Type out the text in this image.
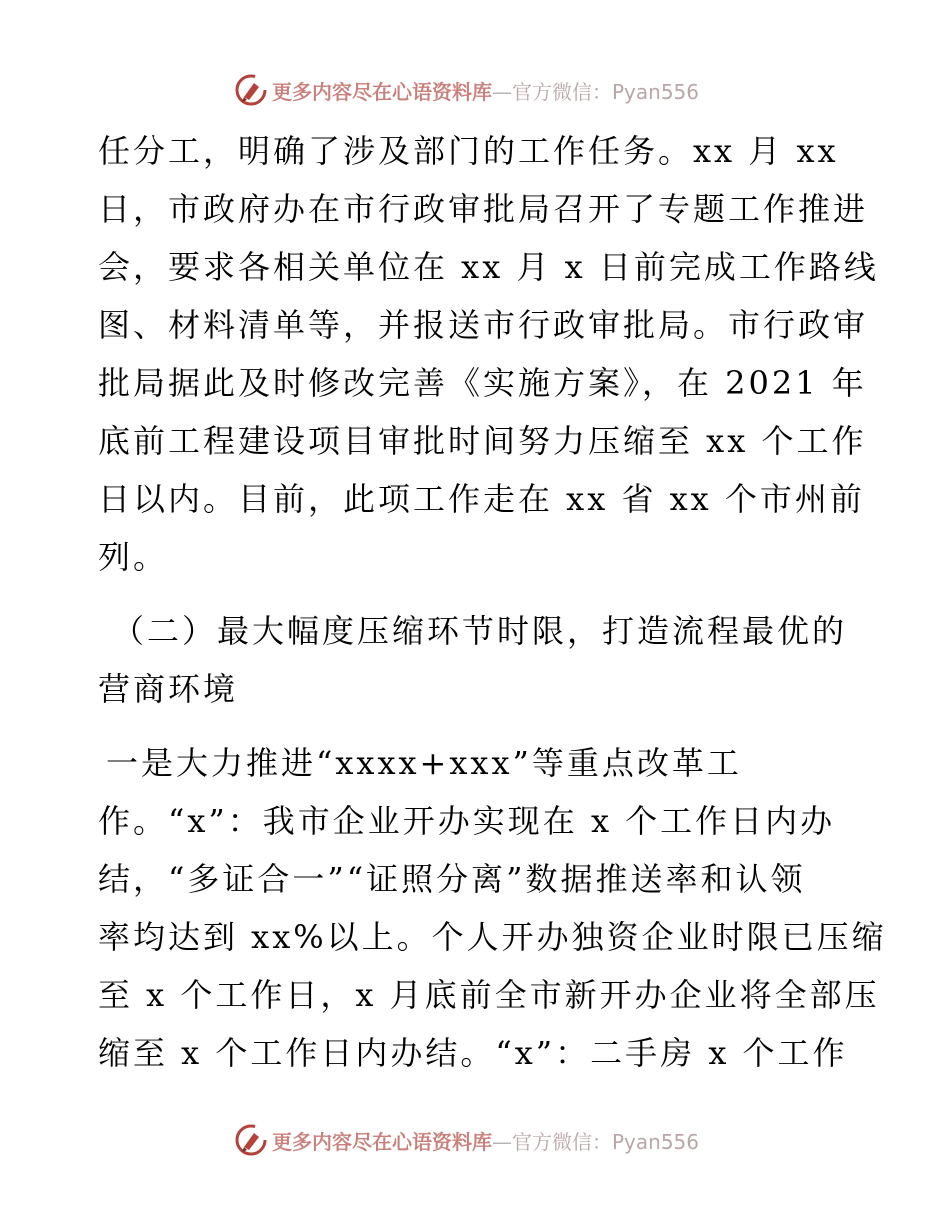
更多内容尽在心语资料库—官方微信：Pyan556
任分工，明确了涉及部门的工作任务。xx 月 xx
日，市政府办在市行政审批局召开了专题工作推进
会，要求各相关单位在 xx 月 x 日前完成工作路线
图、材料清单等，并报送市行政审批局。市行政审
批局据此及时修改完善《实施方案》，在 2021 年
底前工程建设项目审批时间努力压缩至 xx 个工作
日以内。目前，此项工作走在 xx 省 xx 个市州前
列。
（二）最大幅度压缩环节时限，打造流程最优的
营商环境
一是大力推进“xxxx+xxx”等重点改革工
作。“x”：我市企业开办实现在 x 个工作日内办
结，“多证合一”“证照分离”数据推送率和认领
率均达到 xx%以上。个人开办独资企业时限已压缩
至 x 个工作日，x 月底前全市新开办企业将全部压
缩至 x 个工作日内办结。“x”：二手房 x 个工作
更多内容尽在心语资料库—官方微信：Pyan556
